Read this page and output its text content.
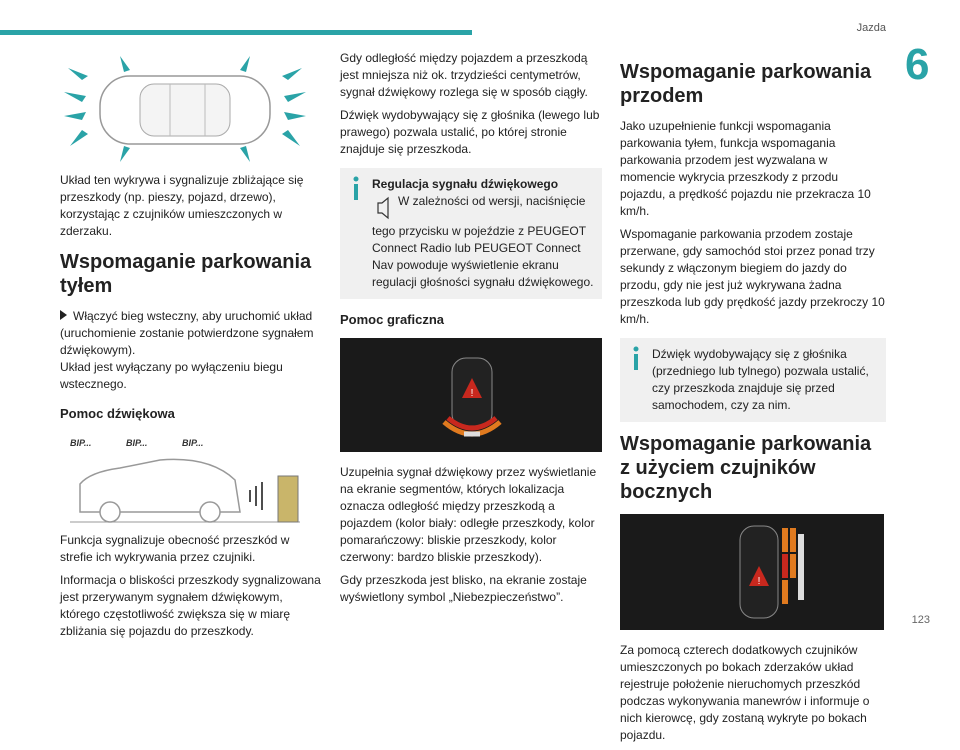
Jazda
6

Układ ten wykrywa i sygnalizuje zbliżające się przeszkody (np. pieszy, pojazd, drzewo), korzystając z czujników umieszczonych w zderzaku.

Wspomaganie parkowania tyłem

Włączyć bieg wsteczny, aby uruchomić układ (uruchomienie zostanie potwierdzone sygnałem dźwiękowym).
Układ jest wyłączany po wyłączeniu biegu wstecznego.

Pomoc dźwiękowa
BIP...	BIP...	BIP...

Funkcja sygnalizuje obecność przeszkód w strefie ich wykrywania przez czujniki.

Informacja o bliskości przeszkody sygnalizowana jest przerywanym sygnałem dźwiękowym, którego częstotliwość zwiększa się w miarę zbliżania się pojazdu do przeszkody.

Gdy odległość między pojazdem a przeszkodą jest mniejsza niż ok. trzydzieści centymetrów, sygnał dźwiękowy rozlega się w sposób ciągły.

Dźwięk wydobywający się z głośnika (lewego lub prawego) pozwala ustalić, po której stronie znajduje się przeszkoda.

Regulacja sygnału dźwiękowego
W zależności od wersji, naciśnięcie tego przycisku w pojeździe z PEUGEOT Connect Radio lub PEUGEOT Connect Nav powoduje wyświetlenie ekranu regulacji głośności sygnału dźwiękowego.
Pomoc graficzna
!

Uzupełnia sygnał dźwiękowy przez wyświetlanie na ekranie segmentów, których lokalizacja oznacza odległość między przeszkodą a pojazdem (kolor biały: odległe przeszkody, kolor pomarańczowy: bliskie przeszkody, kolor czerwony: bardzo bliskie przeszkody).

Gdy przeszkoda jest blisko, na ekranie zostaje wyświetlony symbol „Niebezpieczeństwo”.

Wspomaganie parkowania przodem

Jako uzupełnienie funkcji wspomagania parkowania tyłem, funkcja wspomagania parkowania przodem jest wyzwalana w momencie wykrycia przeszkody z przodu pojazdu, a prędkość pojazdu nie przekracza 10 km/h.

Wspomaganie parkowania przodem zostaje przerwane, gdy samochód stoi przez ponad trzy sekundy z włączonym biegiem do jazdy do przodu, gdy nie jest już wykrywana żadna przeszkoda lub gdy prędkość jazdy przekroczy 10 km/h.

Dźwięk wydobywający się z głośnika (przedniego lub tylnego) pozwala ustalić, czy przeszkoda znajduje się przed samochodem, czy za nim.
Wspomaganie parkowania z użyciem czujników bocznych
!

Za pomocą czterech dodatkowych czujników umieszczonych po bokach zderzaków układ rejestruje położenie nieruchomych przeszkód podczas wykonywania manewrów i informuje o nich kierowcę, gdy zostaną wykryte po bokach pojazdu.

123
